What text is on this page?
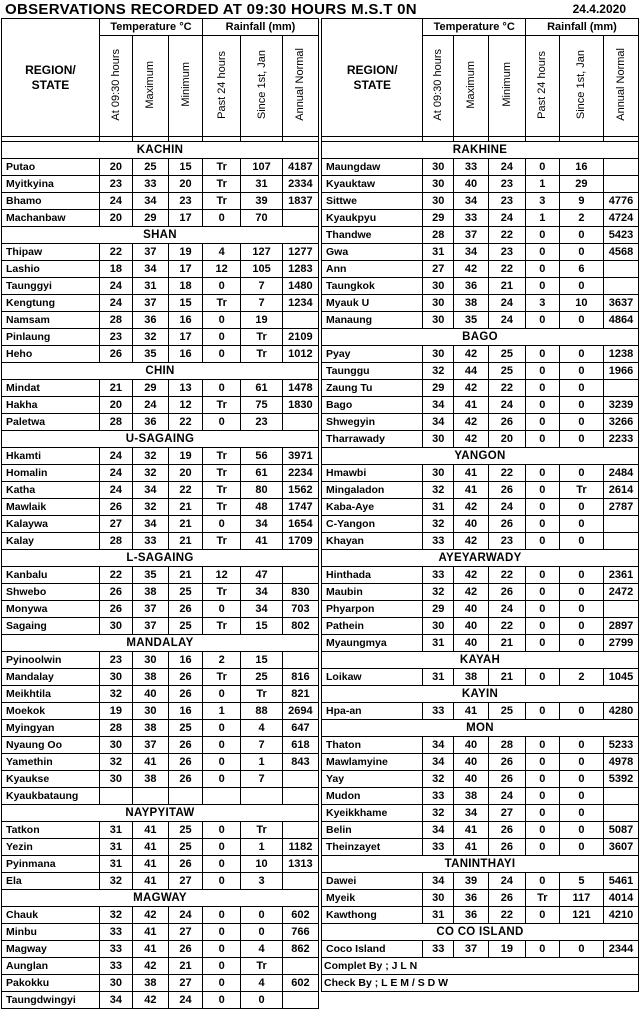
OBSERVATIONS RECORDED AT 09:30 HOURS M.S.T 0N	24.4.2020
REGION/
STATE	Temperature °C			Rainfall (mm)		
	At 09:30 hours	Maximum	Minimum	Past 24 hours	Since 1st, Jan	Annual Normal

KACHIN						
Putao	20	25	15	Tr	107	4187
Myitkyina	23	33	20	Tr	31	2334
Bhamo	24	34	23	Tr	39	1837
Machanbaw	20	29	17	0	70	
SHAN						
Thipaw	22	37	19	4	127	1277
Lashio	18	34	17	12	105	1283
Taunggyi	24	31	18	0	7	1480
Kengtung	24	37	15	Tr	7	1234
Namsam	28	36	16	0	19	
Pinlaung	23	32	17	0	Tr	2109
Heho	26	35	16	0	Tr	1012
CHIN						
Mindat	21	29	13	0	61	1478
Hakha	20	24	12	Tr	75	1830
Paletwa	28	36	22	0	23	
U-SAGAING						
Hkamti	24	32	19	Tr	56	3971
Homalin	24	32	20	Tr	61	2234
Katha	24	34	22	Tr	80	1562
Mawlaik	26	32	21	Tr	48	1747
Kalaywa	27	34	21	0	34	1654
Kalay	28	33	21	Tr	41	1709
L-SAGAING						
Kanbalu	22	35	21	12	47	
Shwebo	26	38	25	Tr	34	830
Monywa	26	37	26	0	34	703
Sagaing	30	37	25	Tr	15	802
MANDALAY						
Pyinoolwin	23	30	16	2	15	
Mandalay	30	38	26	Tr	25	816
Meikhtila	32	40	26	0	Tr	821
Moekok	19	30	16	1	88	2694
Myingyan	28	38	25	0	4	647
Nyaung Oo	30	37	26	0	7	618
Yamethin	32	41	26	0	1	843
Kyaukse	30	38	26	0	7	
Kyaukbataung						
NAYPYITAW						
Tatkon	31	41	25	0	Tr	
Yezin	31	41	25	0	1	1182
Pyinmana	31	41	26	0	10	1313
Ela	32	41	27	0	3	
MAGWAY						
Chauk	32	42	24	0	0	602
Minbu	33	41	27	0	0	766
Magway	33	41	26	0	4	862
Aunglan	33	42	21	0	Tr	
Pakokku	30	38	27	0	4	602
Taungdwingyi	34	42	24	0	0	
REGION/
STATE	Temperature °C			Rainfall (mm)		
	At 09:30 hours	Maximum	Minimum	Past 24 hours	Since 1st, Jan	Annual Normal

RAKHINE						
Maungdaw	30	33	24	0	16	
Kyauktaw	30	40	23	1	29	
Sittwe	30	34	23	3	9	4776
Kyaukpyu	29	33	24	1	2	4724
Thandwe	28	37	22	0	0	5423
Gwa	31	34	23	0	0	4568
Ann	27	42	22	0	6	
Taungkok	30	36	21	0	0	
Myauk U	30	38	24	3	10	3637
Manaung	30	35	24	0	0	4864
BAGO						
Pyay	30	42	25	0	0	1238
Taunggu	32	44	25	0	0	1966
Zaung Tu	29	42	22	0	0	
Bago	34	41	24	0	0	3239
Shwegyin	34	42	26	0	0	3266
Tharrawady	30	42	20	0	0	2233
YANGON						
Hmawbi	30	41	22	0	0	2484
Mingaladon	32	41	26	0	Tr	2614
Kaba-Aye	31	42	24	0	0	2787
C-Yangon	32	40	26	0	0	
Khayan	33	42	23	0	0	
AYEYARWADY						
Hinthada	33	42	22	0	0	2361
Maubin	32	42	26	0	0	2472
Phyarpon	29	40	24	0	0	
Pathein	30	40	22	0	0	2897
Myaungmya	31	40	21	0	0	2799
KAYAH						
Loikaw	31	38	21	0	2	1045
KAYIN						
Hpa-an	33	41	25	0	0	4280
MON						
Thaton	34	40	28	0	0	5233
Mawlamyine	34	40	26	0	0	4978
Yay	32	40	26	0	0	5392
Mudon	33	38	24	0	0	
Kyeikkhame	32	34	27	0	0	
Belin	34	41	26	0	0	5087
Theinzayet	33	41	26	0	0	3607
TANINTHAYI						
Dawei	34	39	24	0	5	5461
Myeik	30	36	26	Tr	117	4014
Kawthong	31	36	22	0	121	4210
CO CO ISLAND						
Coco Island	33	37	19	0	0	2344
Complet By ; J L N						
Check By ; L E M / S D W						
